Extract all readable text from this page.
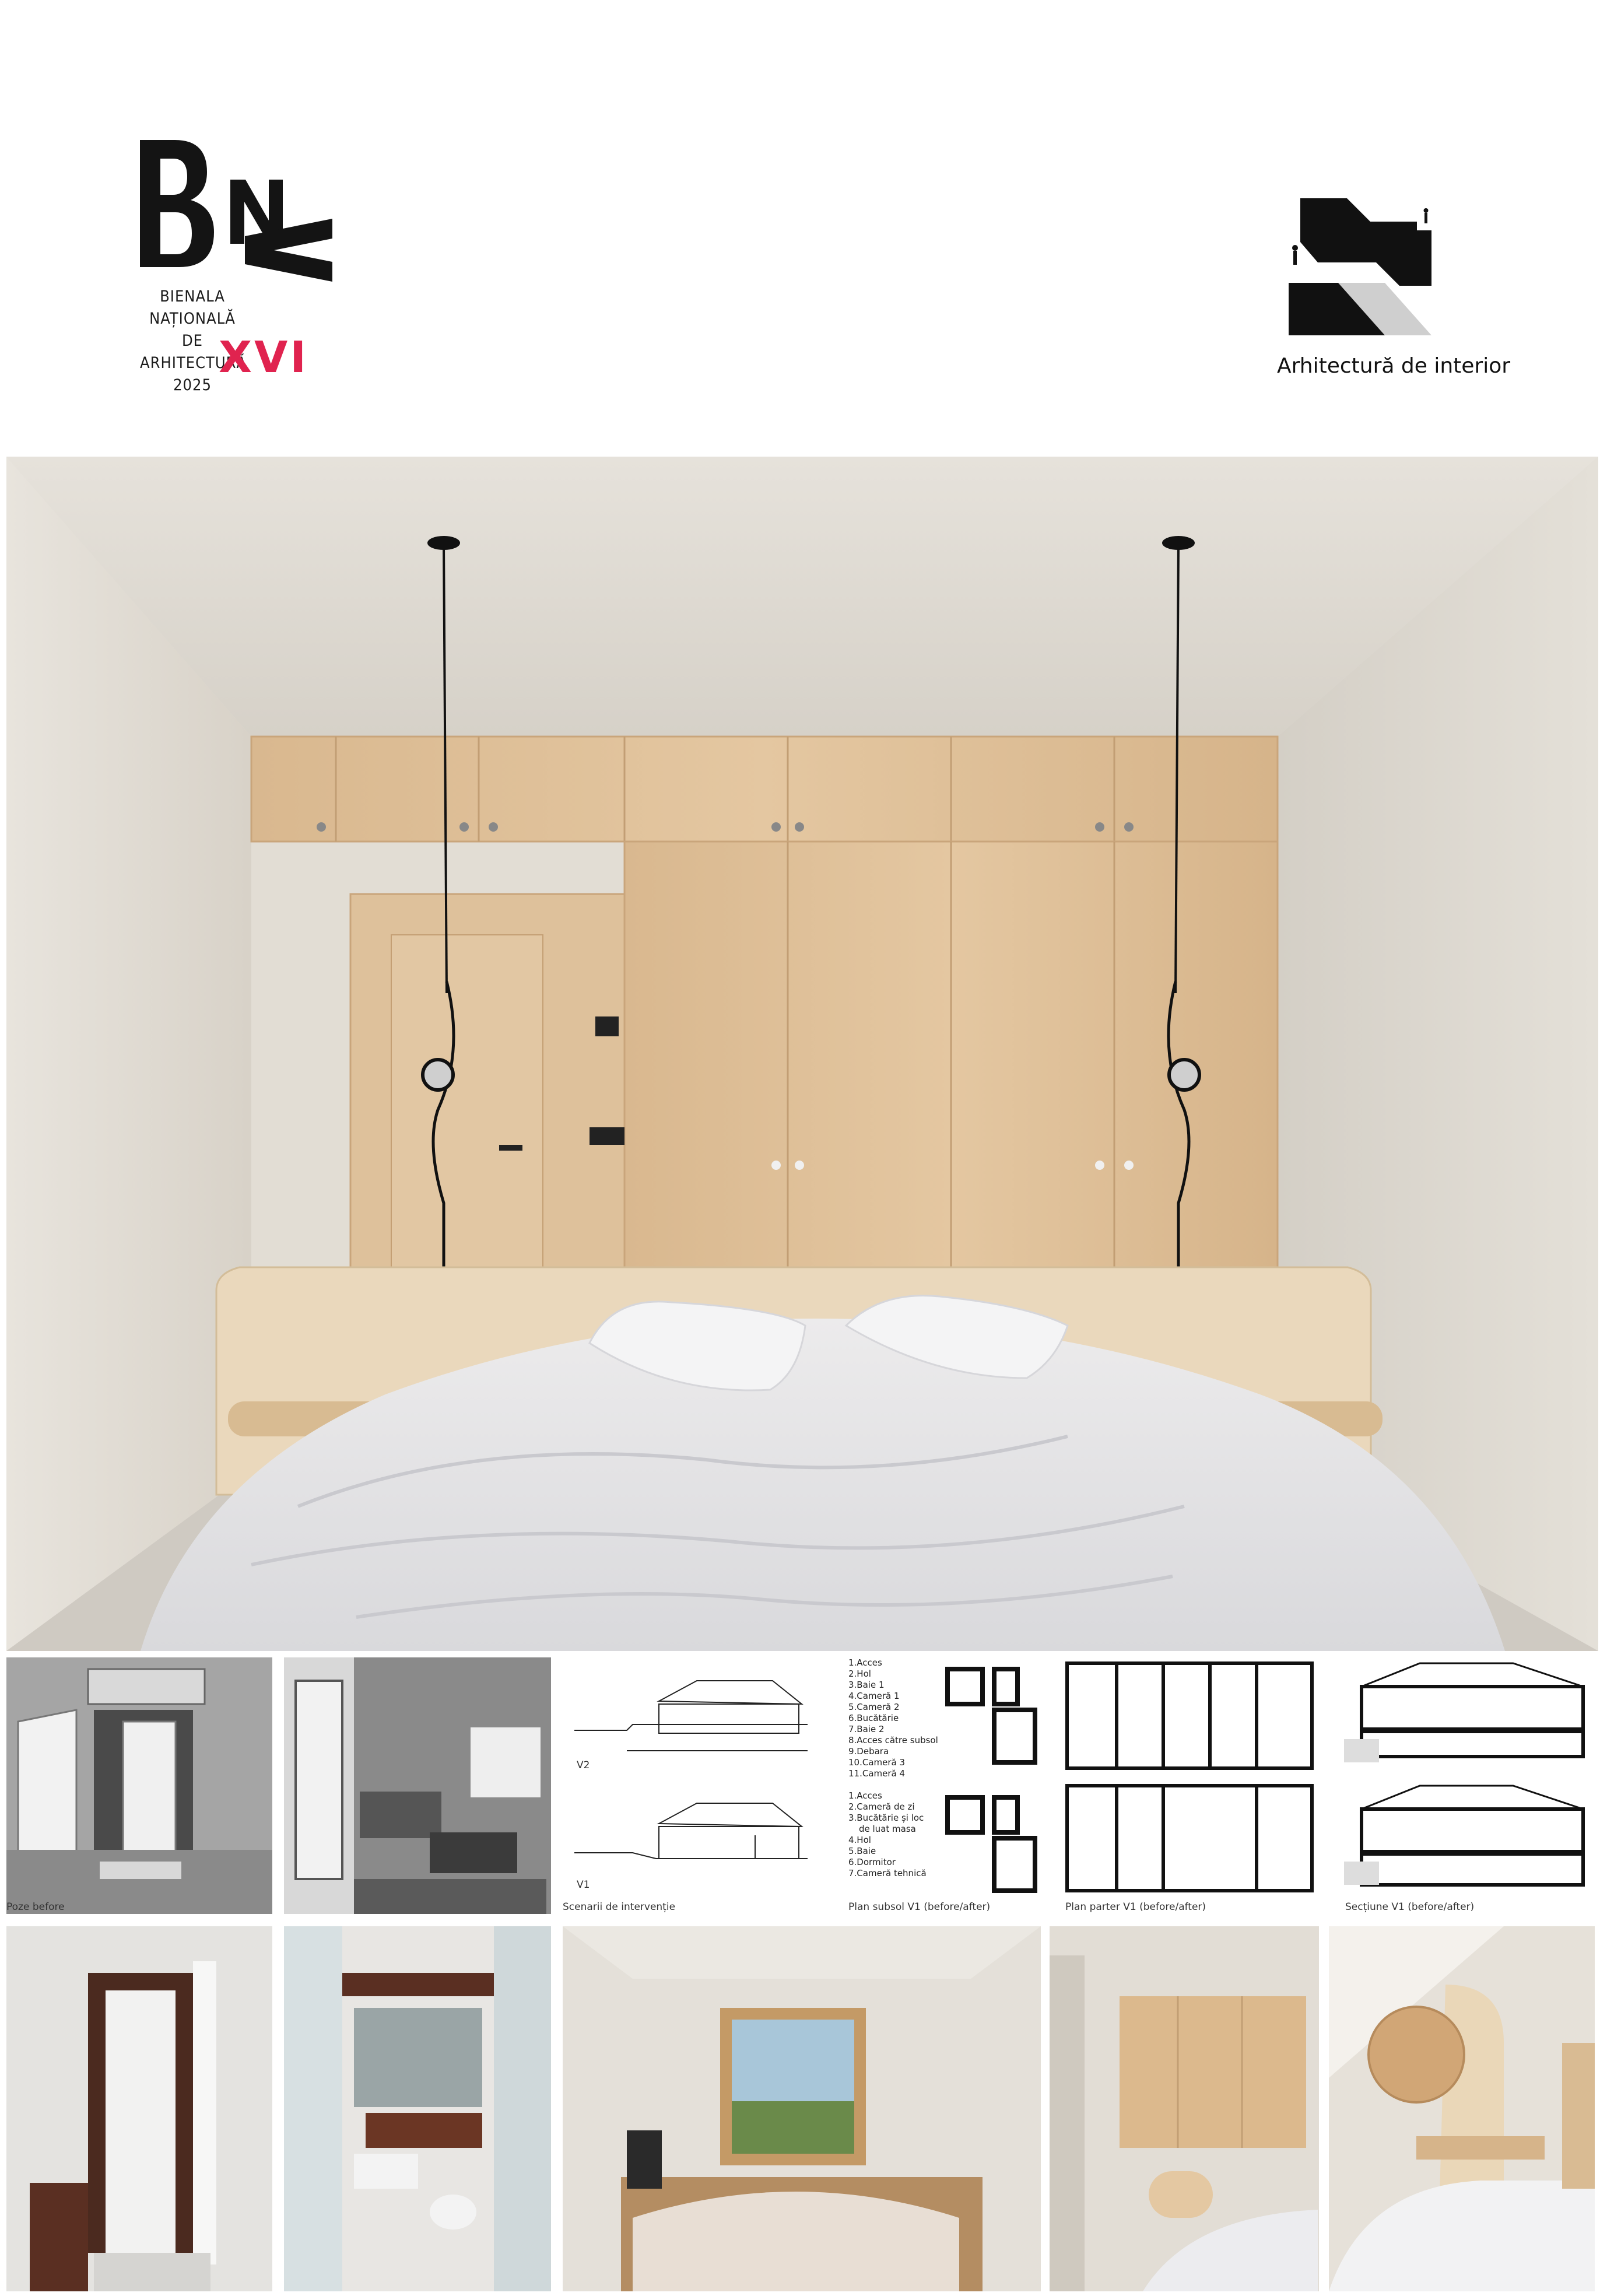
BIENALA
NAȚIONALĂ
DE
ARHITECTURĂ
2025
XVI	Arhitectură de interior
Poze before
V2
V1
Scenarii de intervenție
1.Acces
2.Hol
3.Baie 1
4.Cameră 1
5.Cameră 2
6.Bucătărie
7.Baie 2
8.Acces către subsol
9.Debara
10.Cameră 3
11.Cameră 4
1.Acces
2.Cameră de zi
3.Bucătărie și loc
de luat masa
4.Hol
5.Baie
6.Dormitor
7.Cameră tehnică
Plan subsol V1 (before/after)	Plan parter V1 (before/after)	Secțiune V1 (before/after)
